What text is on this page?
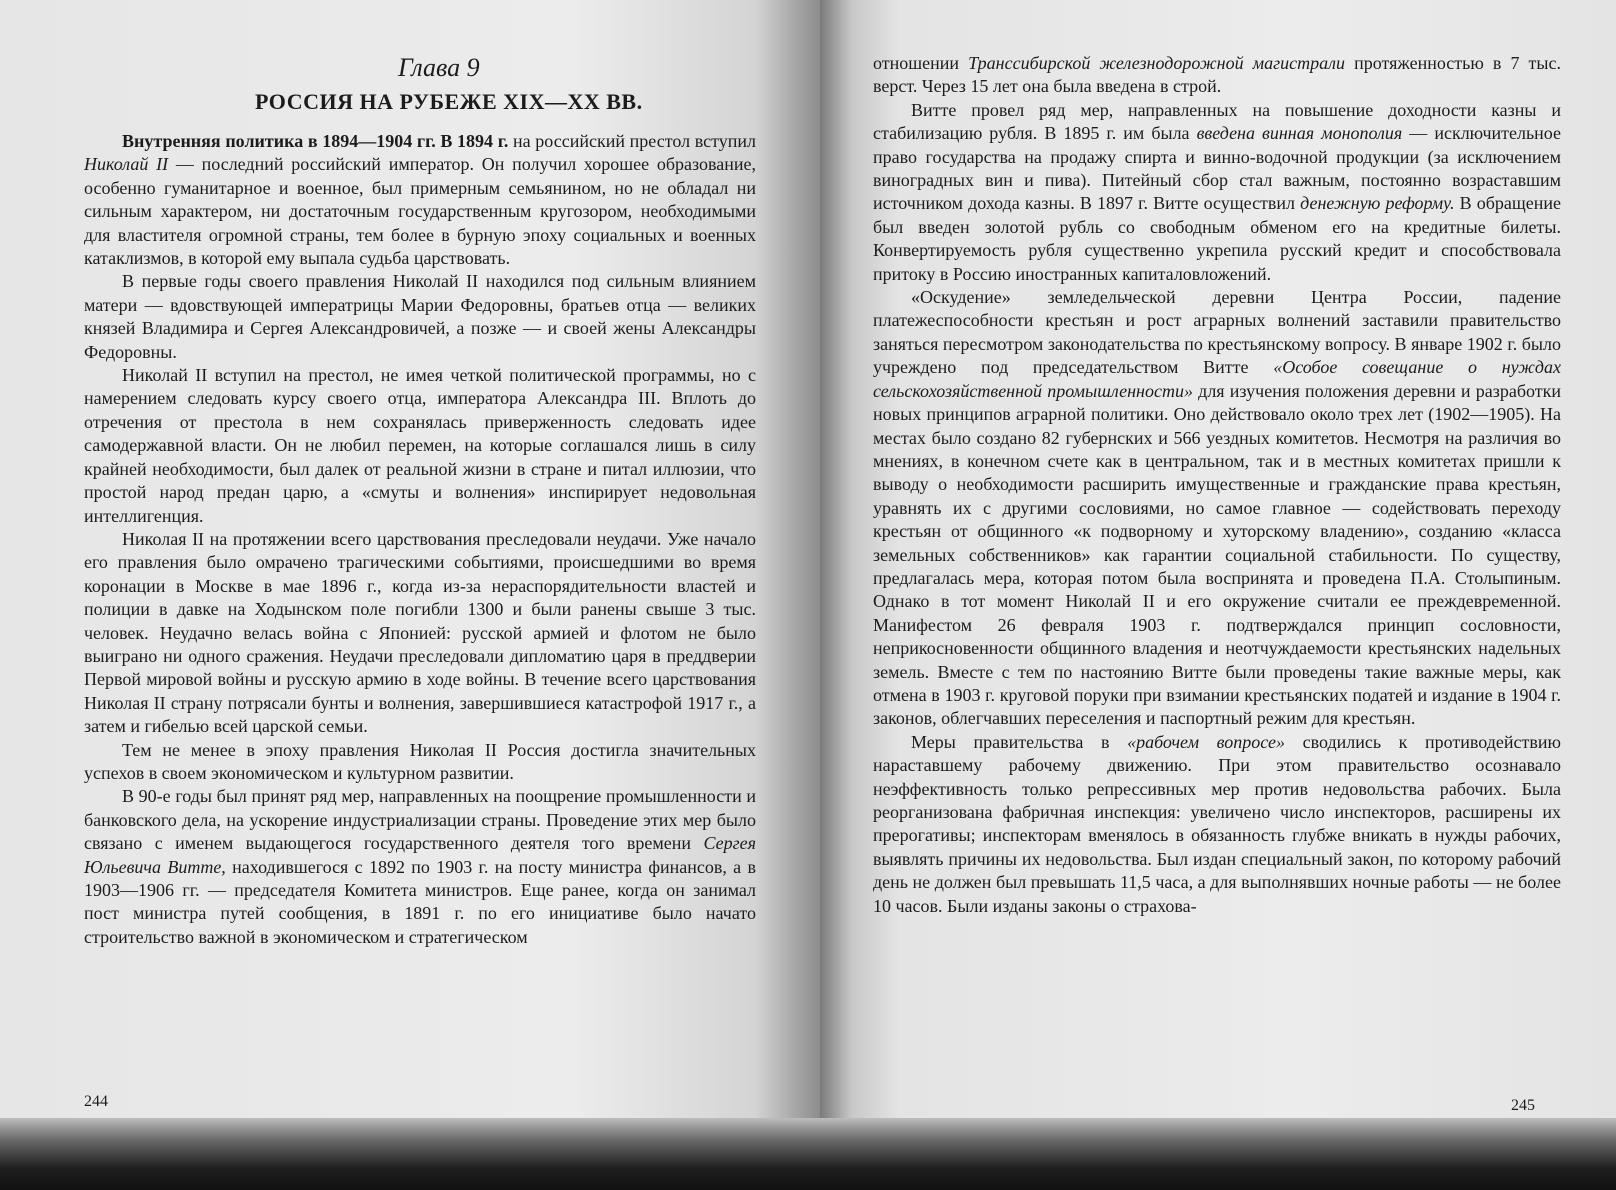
Глава 9
РОССИЯ НА РУБЕЖЕ XIX—XX ВВ.

Внутренняя политика в 1894—1904 гг. В 1894 г. на российский престол вступил Николай II — последний российский император. Он получил хорошее образование, особенно гуманитарное и военное, был примерным семьянином, но не обладал ни сильным характером, ни достаточным государственным кругозором, необходимыми для властителя огромной страны, тем более в бурную эпоху социальных и военных катаклизмов, в которой ему выпала судьба царствовать.

В первые годы своего правления Николай II находился под сильным влиянием матери — вдовствующей императрицы Марии Федоровны, братьев отца — великих князей Владимира и Сергея Александровичей, а позже — и своей жены Александры Федоровны.

Николай II вступил на престол, не имея четкой политической программы, но с намерением следовать курсу своего отца, императора Александра III. Вплоть до отречения от престола в нем сохранялась приверженность следовать идее самодержавной власти. Он не любил перемен, на которые соглашался лишь в силу крайней необходимости, был далек от реальной жизни в стране и питал иллюзии, что простой народ предан царю, а «смуты и волнения» инспирирует недовольная интеллигенция.

Николая II на протяжении всего царствования преследовали неудачи. Уже начало его правления было омрачено трагическими событиями, происшедшими во время коронации в Москве в мае 1896 г., когда из-за нераспорядительности властей и полиции в давке на Ходынском поле погибли 1300 и были ранены свыше 3 тыс. человек. Неудачно велась война с Японией: русской армией и флотом не было выиграно ни одного сражения. Неудачи преследовали дипломатию царя в преддверии Первой мировой войны и русскую армию в ходе войны. В течение всего царствования Николая II страну потрясали бунты и волнения, завершившиеся катастрофой 1917 г., а затем и гибелью всей царской семьи.

Тем не менее в эпоху правления Николая II Россия достигла значительных успехов в своем экономическом и культурном развитии.

В 90-е годы был принят ряд мер, направленных на поощрение промышленности и банковского дела, на ускорение индустриализации страны. Проведение этих мер было связано с именем выдающегося государственного деятеля того времени Сергея Юльевича Витте, находившегося с 1892 по 1903 г. на посту министра финансов, а в 1903—1906 гг. — председателя Комитета министров. Еще ранее, когда он занимал пост министра путей сообщения, в 1891 г. по его инициативе было начато строительство важной в экономическом и стратегическом

244

отношении Транссибирской железнодорожной магистрали протяженностью в 7 тыс. верст. Через 15 лет она была введена в строй.

Витте провел ряд мер, направленных на повышение доходности казны и стабилизацию рубля. В 1895 г. им была введена винная монополия — исключительное право государства на продажу спирта и винно-водочной продукции (за исключением виноградных вин и пива). Питейный сбор стал важным, постоянно возраставшим источником дохода казны. В 1897 г. Витте осуществил денежную реформу. В обращение был введен золотой рубль со свободным обменом его на кредитные билеты. Конвертируемость рубля существенно укрепила русский кредит и способствовала притоку в Россию иностранных капиталовложений.

«Оскудение» земледельческой деревни Центра России, падение платежеспособности крестьян и рост аграрных волнений заставили правительство заняться пересмотром законодательства по крестьянскому вопросу. В январе 1902 г. было учреждено под председательством Витте «Особое совещание о нуждах сельскохозяйственной промышленности» для изучения положения деревни и разработки новых принципов аграрной политики. Оно действовало около трех лет (1902—1905). На местах было создано 82 губернских и 566 уездных комитетов. Несмотря на различия во мнениях, в конечном счете как в центральном, так и в местных комитетах пришли к выводу о необходимости расширить имущественные и гражданские права крестьян, уравнять их с другими сословиями, но самое главное — содействовать переходу крестьян от общинного «к подворному и хуторскому владению», созданию «класса земельных собственников» как гарантии социальной стабильности. По существу, предлагалась мера, которая потом была воспринята и проведена П.А. Столыпиным. Однако в тот момент Николай II и его окружение считали ее преждевременной. Манифестом 26 февраля 1903 г. подтверждался принцип сословности, неприкосновенности общинного владения и неотчуждаемости крестьянских надельных земель. Вместе с тем по настоянию Витте были проведены такие важные меры, как отмена в 1903 г. круговой поруки при взимании крестьянских податей и издание в 1904 г. законов, облегчавших переселения и паспортный режим для крестьян.

Меры правительства в «рабочем вопросе» сводились к противодействию нараставшему рабочему движению. При этом правительство осознавало неэффективность только репрессивных мер против недовольства рабочих. Была реорганизована фабричная инспекция: увеличено число инспекторов, расширены их прерогативы; инспекторам вменялось в обязанность глубже вникать в нужды рабочих, выявлять причины их недовольства. Был издан специальный закон, по которому рабочий день не должен был превышать 11,5 часа, а для выполнявших ночные работы — не более 10 часов. Были изданы законы о страхова-

245
